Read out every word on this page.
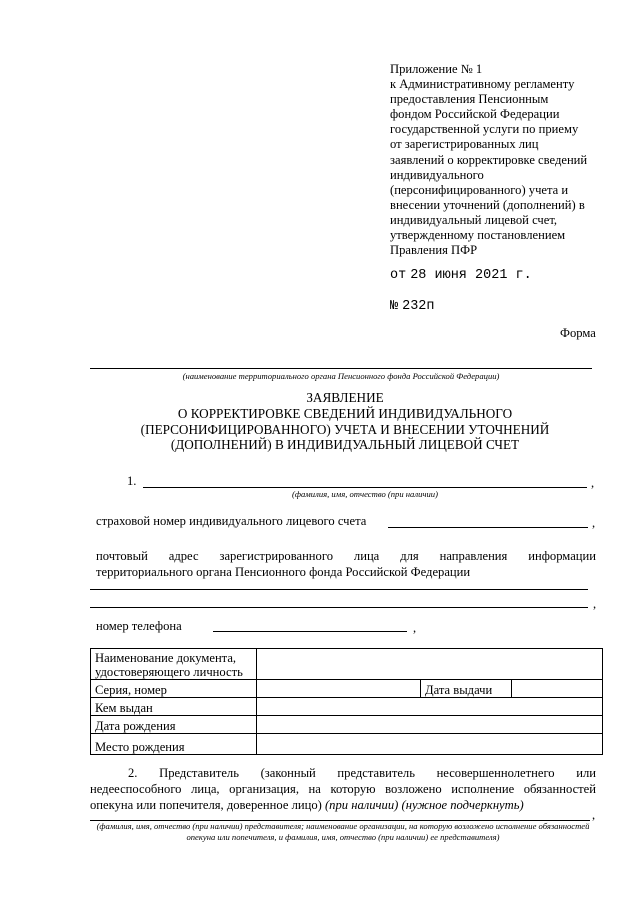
Приложение № 1
к Административному регламенту
предоставления Пенсионным
фондом Российской Федерации
государственной услуги по приему
от зарегистрированных лиц
заявлений о корректировке сведений
индивидуального
(персонифицированного) учета и
внесении уточнений (дополнений) в
индивидуальный лицевой счет,
утвержденному постановлением
Правления ПФР
от 28 июня 2021 г.
№ 232п
Форма
(наименование территориального органа Пенсионного фонда Российской Федерации)
ЗАЯВЛЕНИЕ
О КОРРЕКТИРОВКЕ СВЕДЕНИЙ ИНДИВИДУАЛЬНОГО
(ПЕРСОНИФИЦИРОВАННОГО) УЧЕТА И ВНЕСЕНИИ УТОЧНЕНИЙ
(ДОПОЛНЕНИЙ) В ИНДИВИДУАЛЬНЫЙ ЛИЦЕВОЙ СЧЕТ
1.	,
(фамилия, имя, отчество (при наличии)
страховой номер индивидуального лицевого счета	,
почтовый адрес зарегистрированного лица для направления информации
территориального органа Пенсионного фонда Российской Федерации
,
номер телефона	,
Наименование документа, удостоверяющего личность			
Серия, номер		Дата выдачи	
Кем выдан			
Дата рождения			
Место рождения			
2. Представитель (законный представитель несовершеннолетнего или недееспособного лица, организация, на которую возложено исполнение обязанностей опекуна или попечителя, доверенное лицо) (при наличии) (нужное подчеркнуть)
,
(фамилия, имя, отчество (при наличии) представителя; наименование организации, на которую возложено исполнение обязанностей опекуна или попечителя, и фамилия, имя, отчество (при наличии) ее представителя)
